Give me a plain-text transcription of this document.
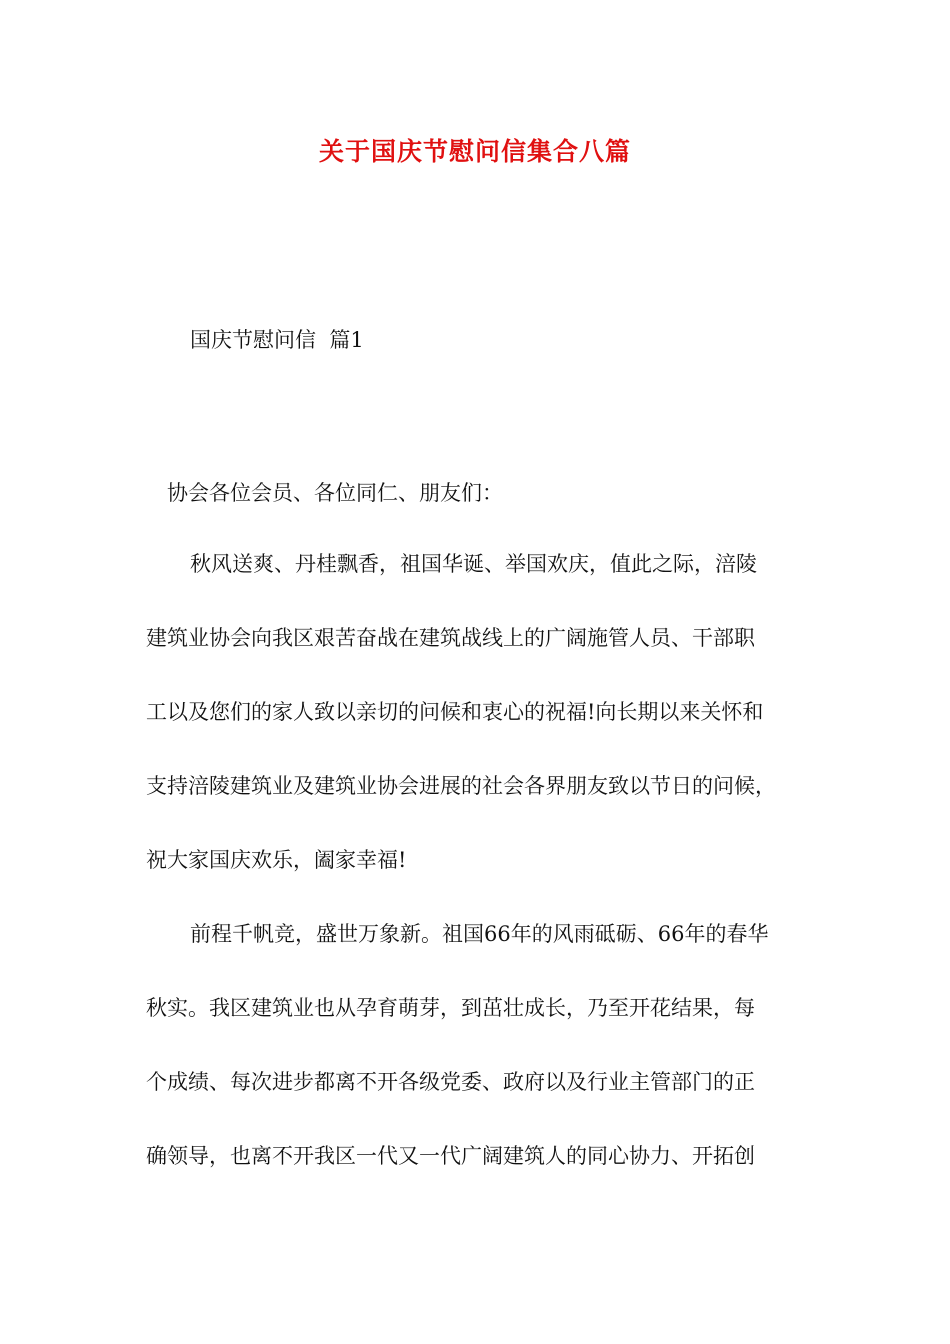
关于国庆节慰问信集合八篇
国庆节慰问信  篇1
协会各位会员、各位同仁、朋友们：
秋风送爽、丹桂飘香，祖国华诞、举国欢庆，值此之际，涪陵
建筑业协会向我区艰苦奋战在建筑战线上的广阔施管人员、干部职
工以及您们的家人致以亲切的问候和衷心的祝福!向长期以来关怀和
支持涪陵建筑业及建筑业协会进展的社会各界朋友致以节日的问候，
祝大家国庆欢乐，阖家幸福!
前程千帆竞，盛世万象新。祖国66年的风雨砥砺、66年的春华
秋实。我区建筑业也从孕育萌芽，到茁壮成长，乃至开花结果，每
个成绩、每次进步都离不开各级党委、政府以及行业主管部门的正
确领导，也离不开我区一代又一代广阔建筑人的同心协力、开拓创
